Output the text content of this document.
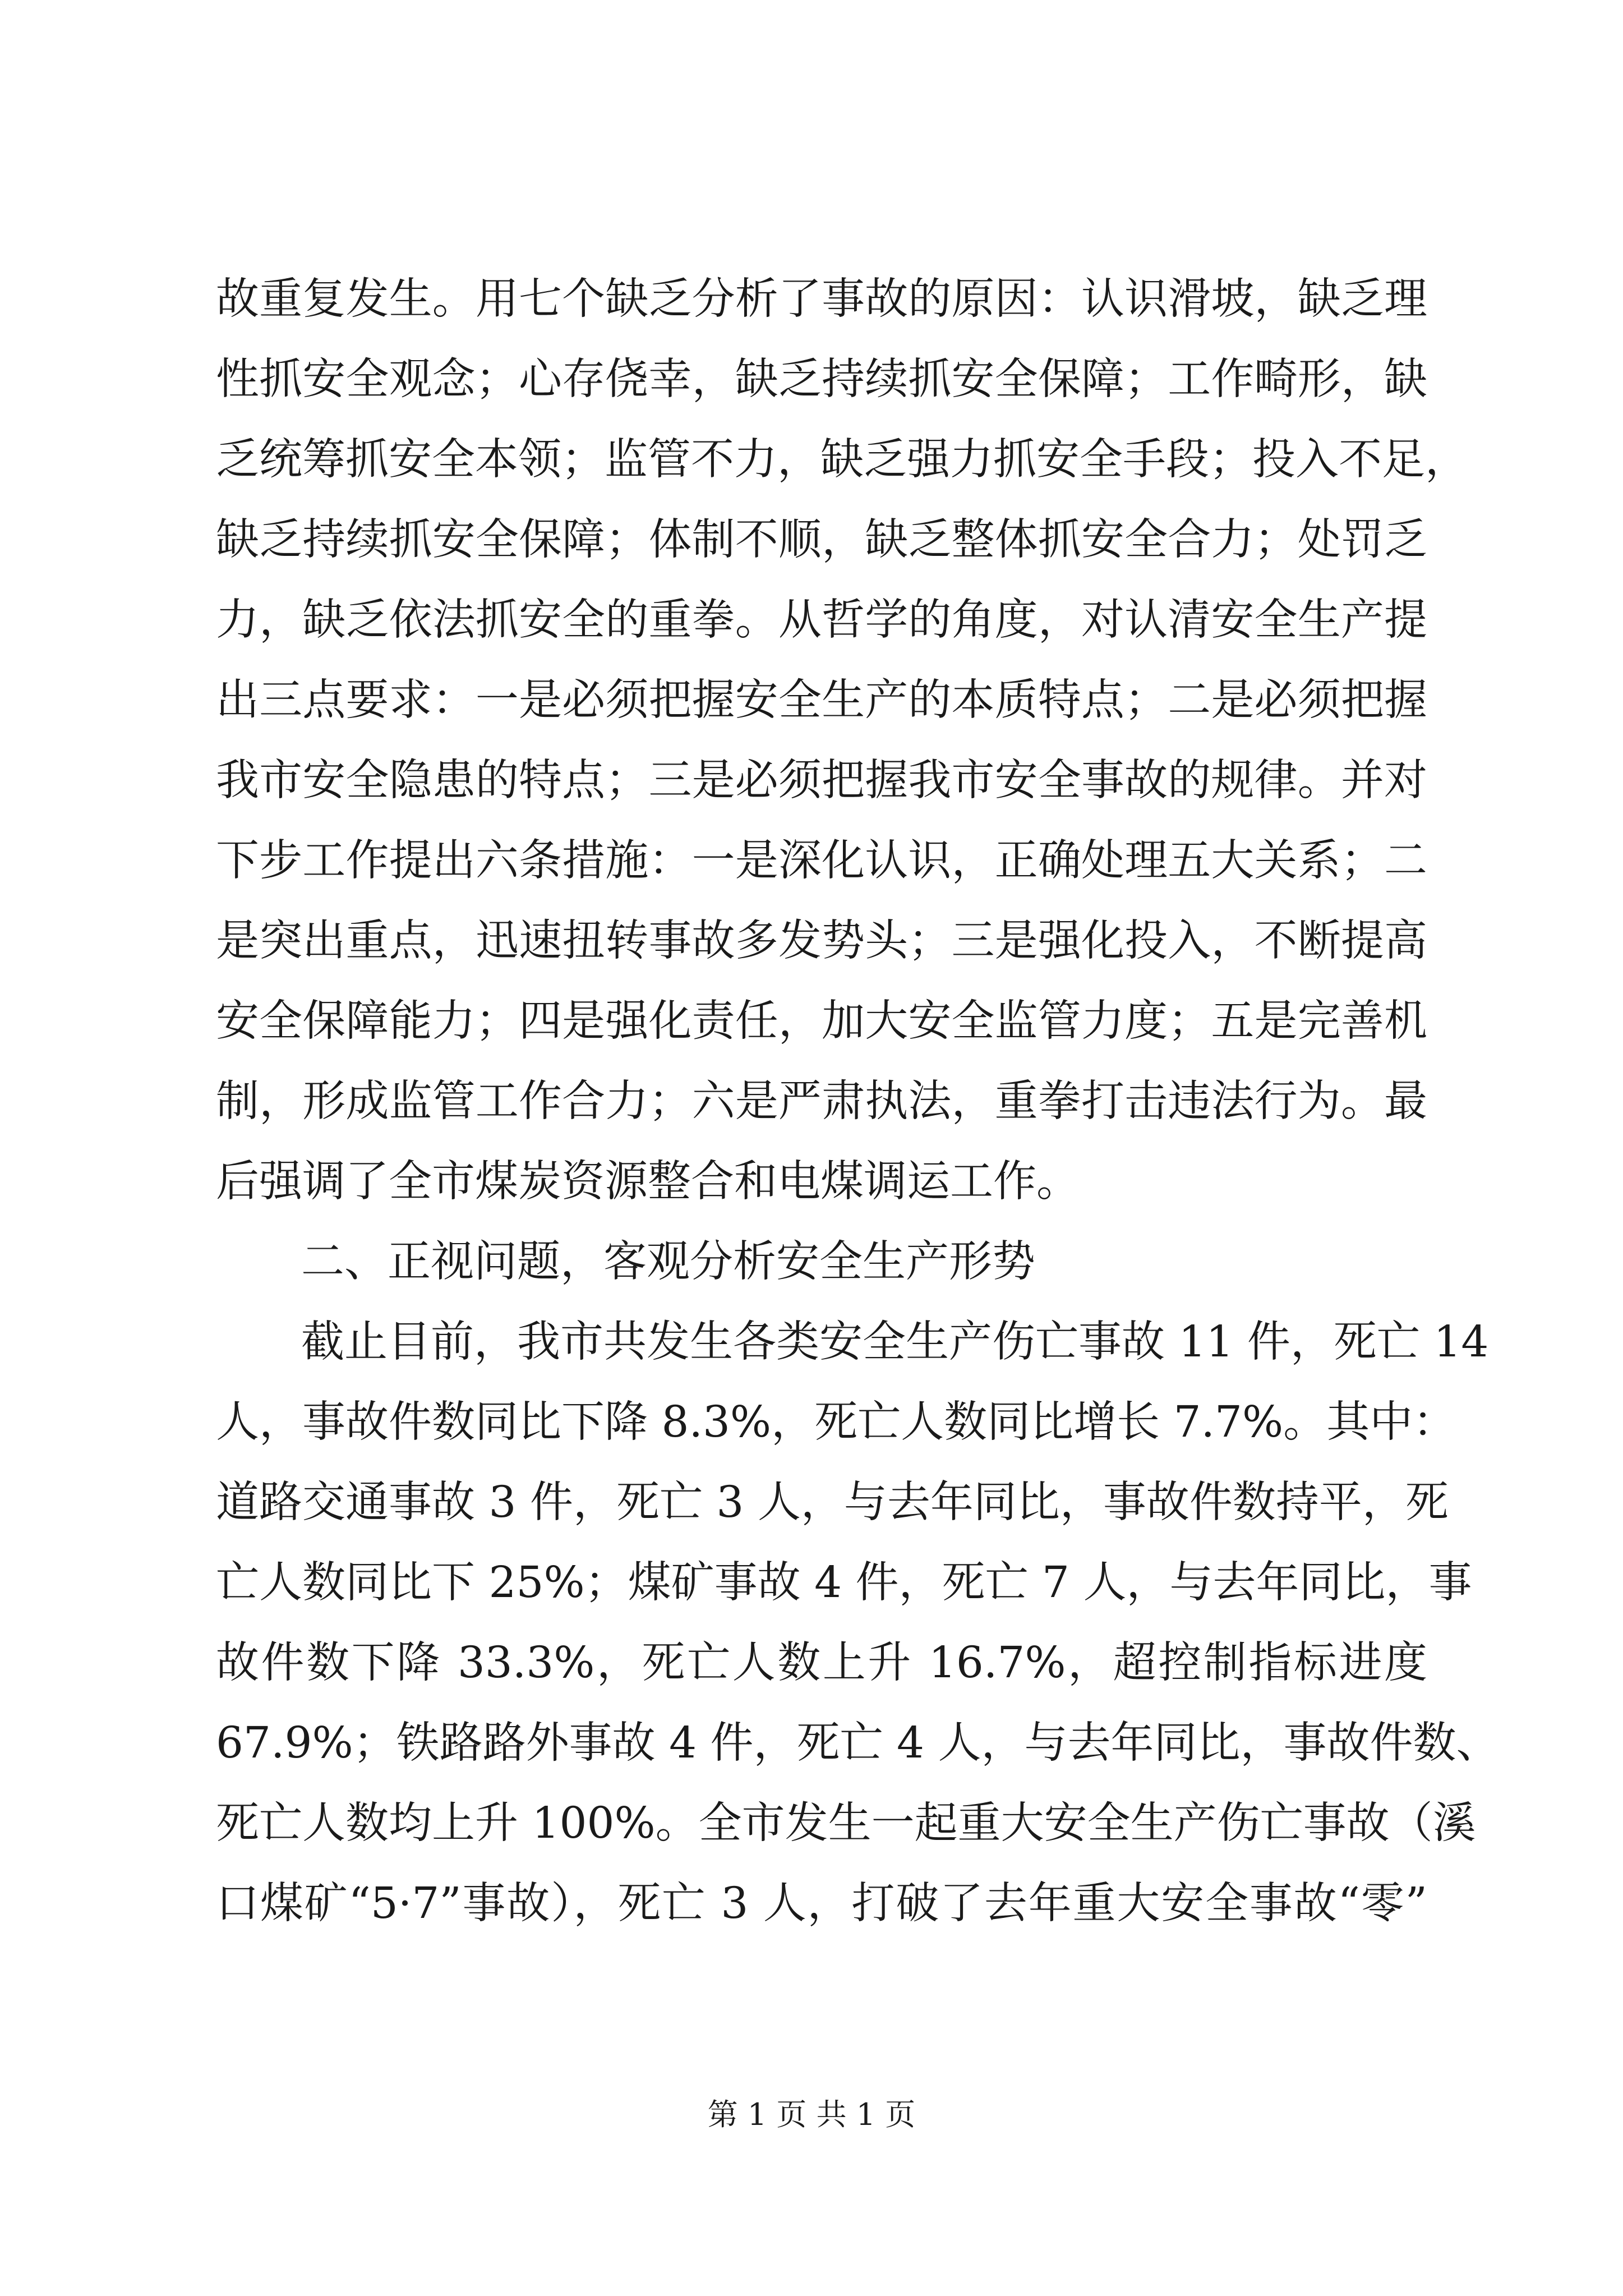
故重复发生。用七个缺乏分析了事故的原因：认识滑坡，缺乏理
性抓安全观念；心存侥幸，缺乏持续抓安全保障；工作畸形，缺
乏统筹抓安全本领；监管不力，缺乏强力抓安全手段；投入不足，
缺乏持续抓安全保障；体制不顺，缺乏整体抓安全合力；处罚乏
力，缺乏依法抓安全的重拳。从哲学的角度，对认清安全生产提
出三点要求：一是必须把握安全生产的本质特点；二是必须把握
我市安全隐患的特点；三是必须把握我市安全事故的规律。并对
下步工作提出六条措施：一是深化认识，正确处理五大关系；二
是突出重点，迅速扭转事故多发势头；三是强化投入，不断提高
安全保障能力；四是强化责任，加大安全监管力度；五是完善机
制，形成监管工作合力；六是严肃执法，重拳打击违法行为。最
后强调了全市煤炭资源整合和电煤调运工作。
二、正视问题，客观分析安全生产形势
截止目前，我市共发生各类安全生产伤亡事故 11 件，死亡 14
人，事故件数同比下降 8.3%，死亡人数同比增长 7.7%。其中：
道路交通事故 3 件，死亡 3 人，与去年同比，事故件数持平，死
亡人数同比下 25%；煤矿事故 4 件，死亡 7 人，与去年同比，事
故件数下降 33.3%，死亡人数上升 16.7%，超控制指标进度
67.9%；铁路路外事故 4 件，死亡 4 人，与去年同比，事故件数、
死亡人数均上升 100%。全市发生一起重大安全生产伤亡事故（溪
口煤矿“5·7”事故），死亡 3 人，打破了去年重大安全事故“零”
第 1 页 共 1 页
